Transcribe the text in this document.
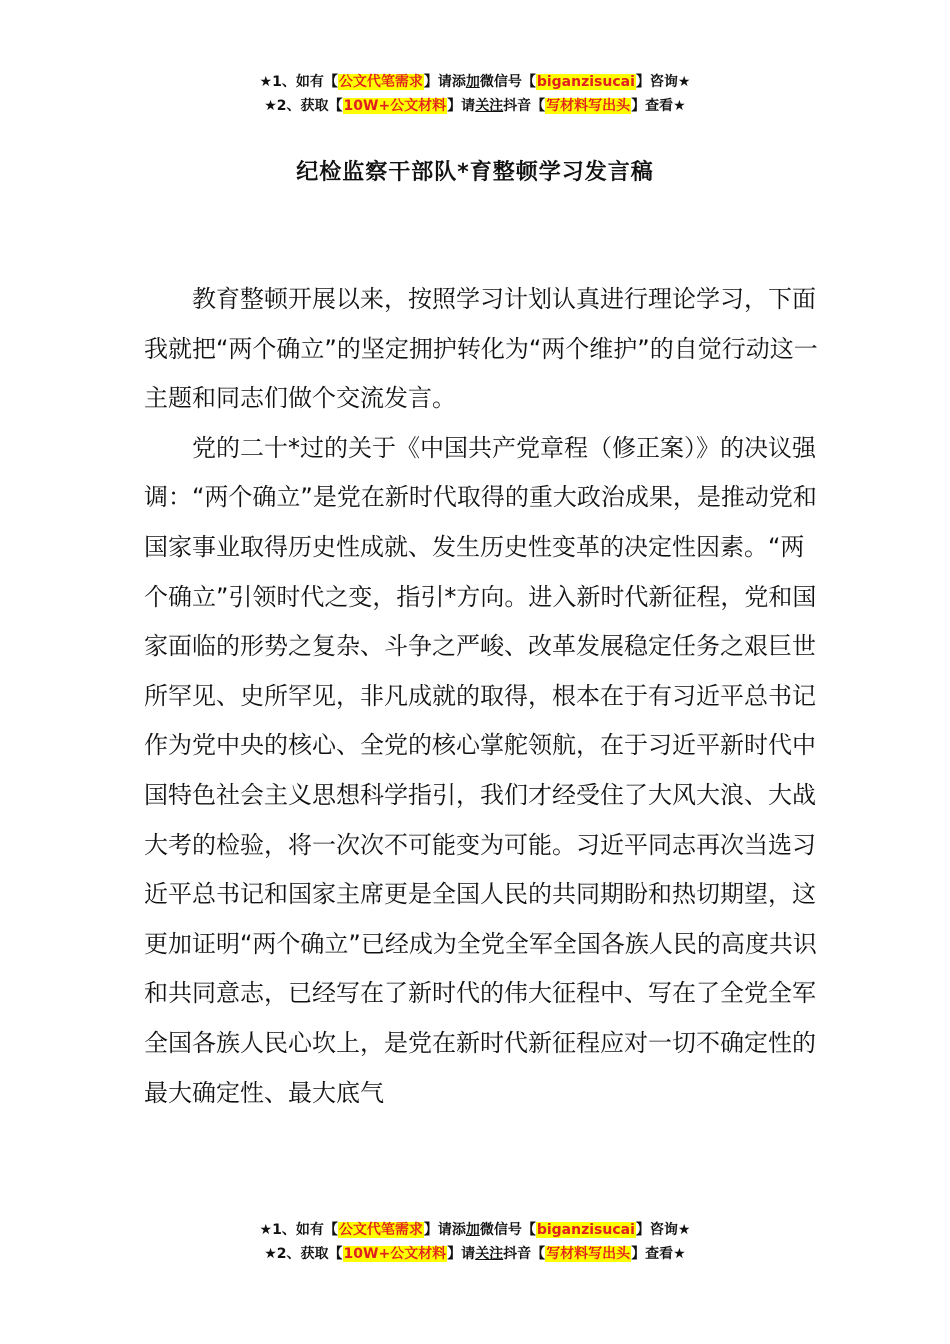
★1、如有【公文代笔需求】请添加微信号【biganzisucai】咨询★
★2、获取【10W+公文材料】请关注抖音【写材料写出头】查看★
纪检监察干部队*育整顿学习发言稿

教育整顿开展以来，按照学习计划认真进行理论学习，下面我就把“两个确立”的坚定拥护转化为“两个维护”的自觉行动这一主题和同志们做个交流发言。

党的二十*过的关于《中国共产党章程（修正案）》的决议强调：“两个确立”是党在新时代取得的重大政治成果，是推动党和国家事业取得历史性成就、发生历史性变革的决定性因素。“两个确立”引领时代之变，指引*方向。进入新时代新征程，党和国家面临的形势之复杂、斗争之严峻、改革发展稳定任务之艰巨世所罕见、史所罕见，非凡成就的取得，根本在于有习近平总书记作为党中央的核心、全党的核心掌舵领航，在于习近平新时代中国特色社会主义思想科学指引，我们才经受住了大风大浪、大战大考的检验，将一次次不可能变为可能。习近平同志再次当选习近平总书记和国家主席更是全国人民的共同期盼和热切期望，这更加证明“两个确立”已经成为全党全军全国各族人民的高度共识和共同意志，已经写在了新时代的伟大征程中、写在了全党全军全国各族人民心坎上，是党在新时代新征程应对一切不确定性的最大确定性、最大底气

★1、如有【公文代笔需求】请添加微信号【biganzisucai】咨询★
★2、获取【10W+公文材料】请关注抖音【写材料写出头】查看★
